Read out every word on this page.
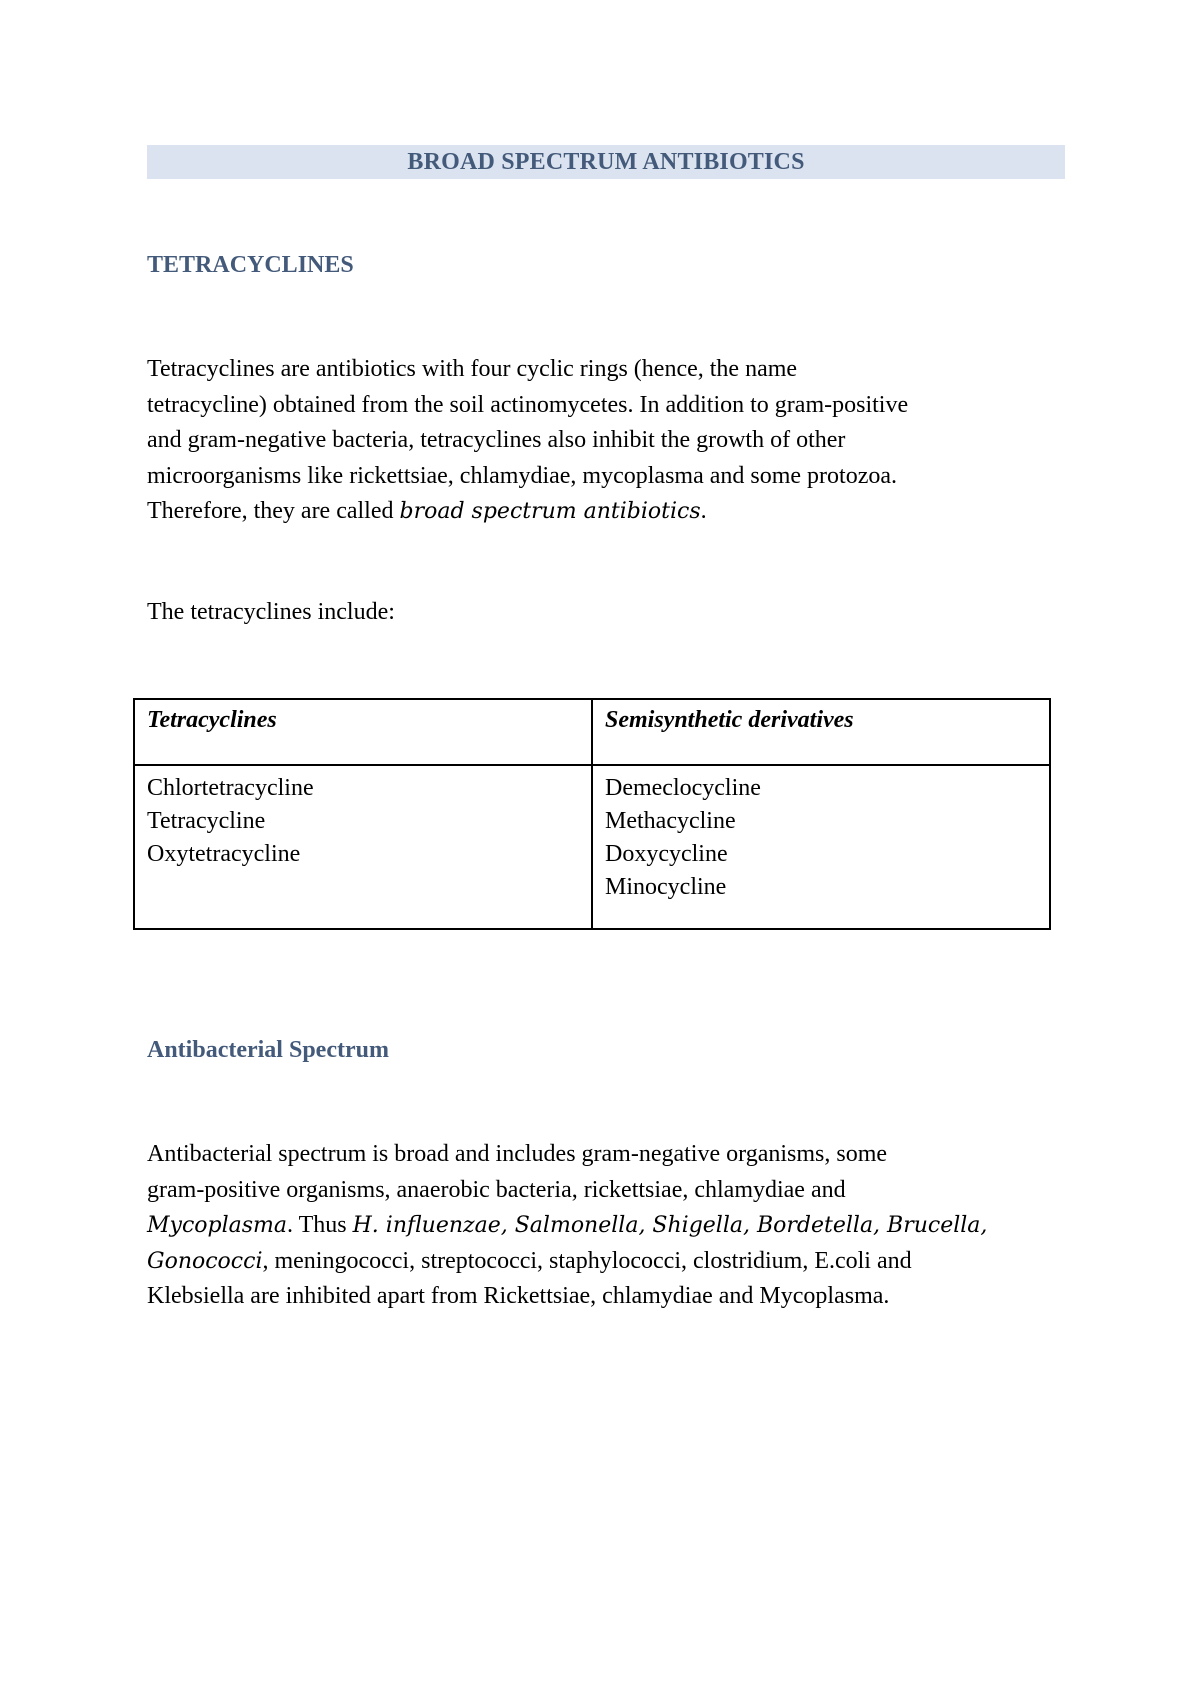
BROAD SPECTRUM ANTIBIOTICS
TETRACYCLINES

Tetracyclines are antibiotics with four cyclic rings (hence, the name

tetracycline) obtained from the soil actinomycetes. In addition to gram-positive

and gram-negative bacteria, tetracyclines also inhibit the growth of other

microorganisms like rickettsiae, chlamydiae, mycoplasma and some protozoa.

Therefore, they are called broad spectrum antibiotics.

The tetracyclines include:

Tetracyclines	Semisynthetic derivatives
Chlortetracycline
Tetracycline
Oxytetracycline
Demeclocycline
Methacycline
Doxycycline
Minocycline
Antibacterial Spectrum

Antibacterial spectrum is broad and includes gram-negative organisms, some

gram-positive organisms, anaerobic bacteria, rickettsiae, chlamydiae and

Mycoplasma. Thus H. influenzae, Salmonella, Shigella, Bordetella, Brucella,

Gonococci, meningococci, streptococci, staphylococci, clostridium, E.coli and

Klebsiella are inhibited apart from Rickettsiae, chlamydiae and Mycoplasma.
